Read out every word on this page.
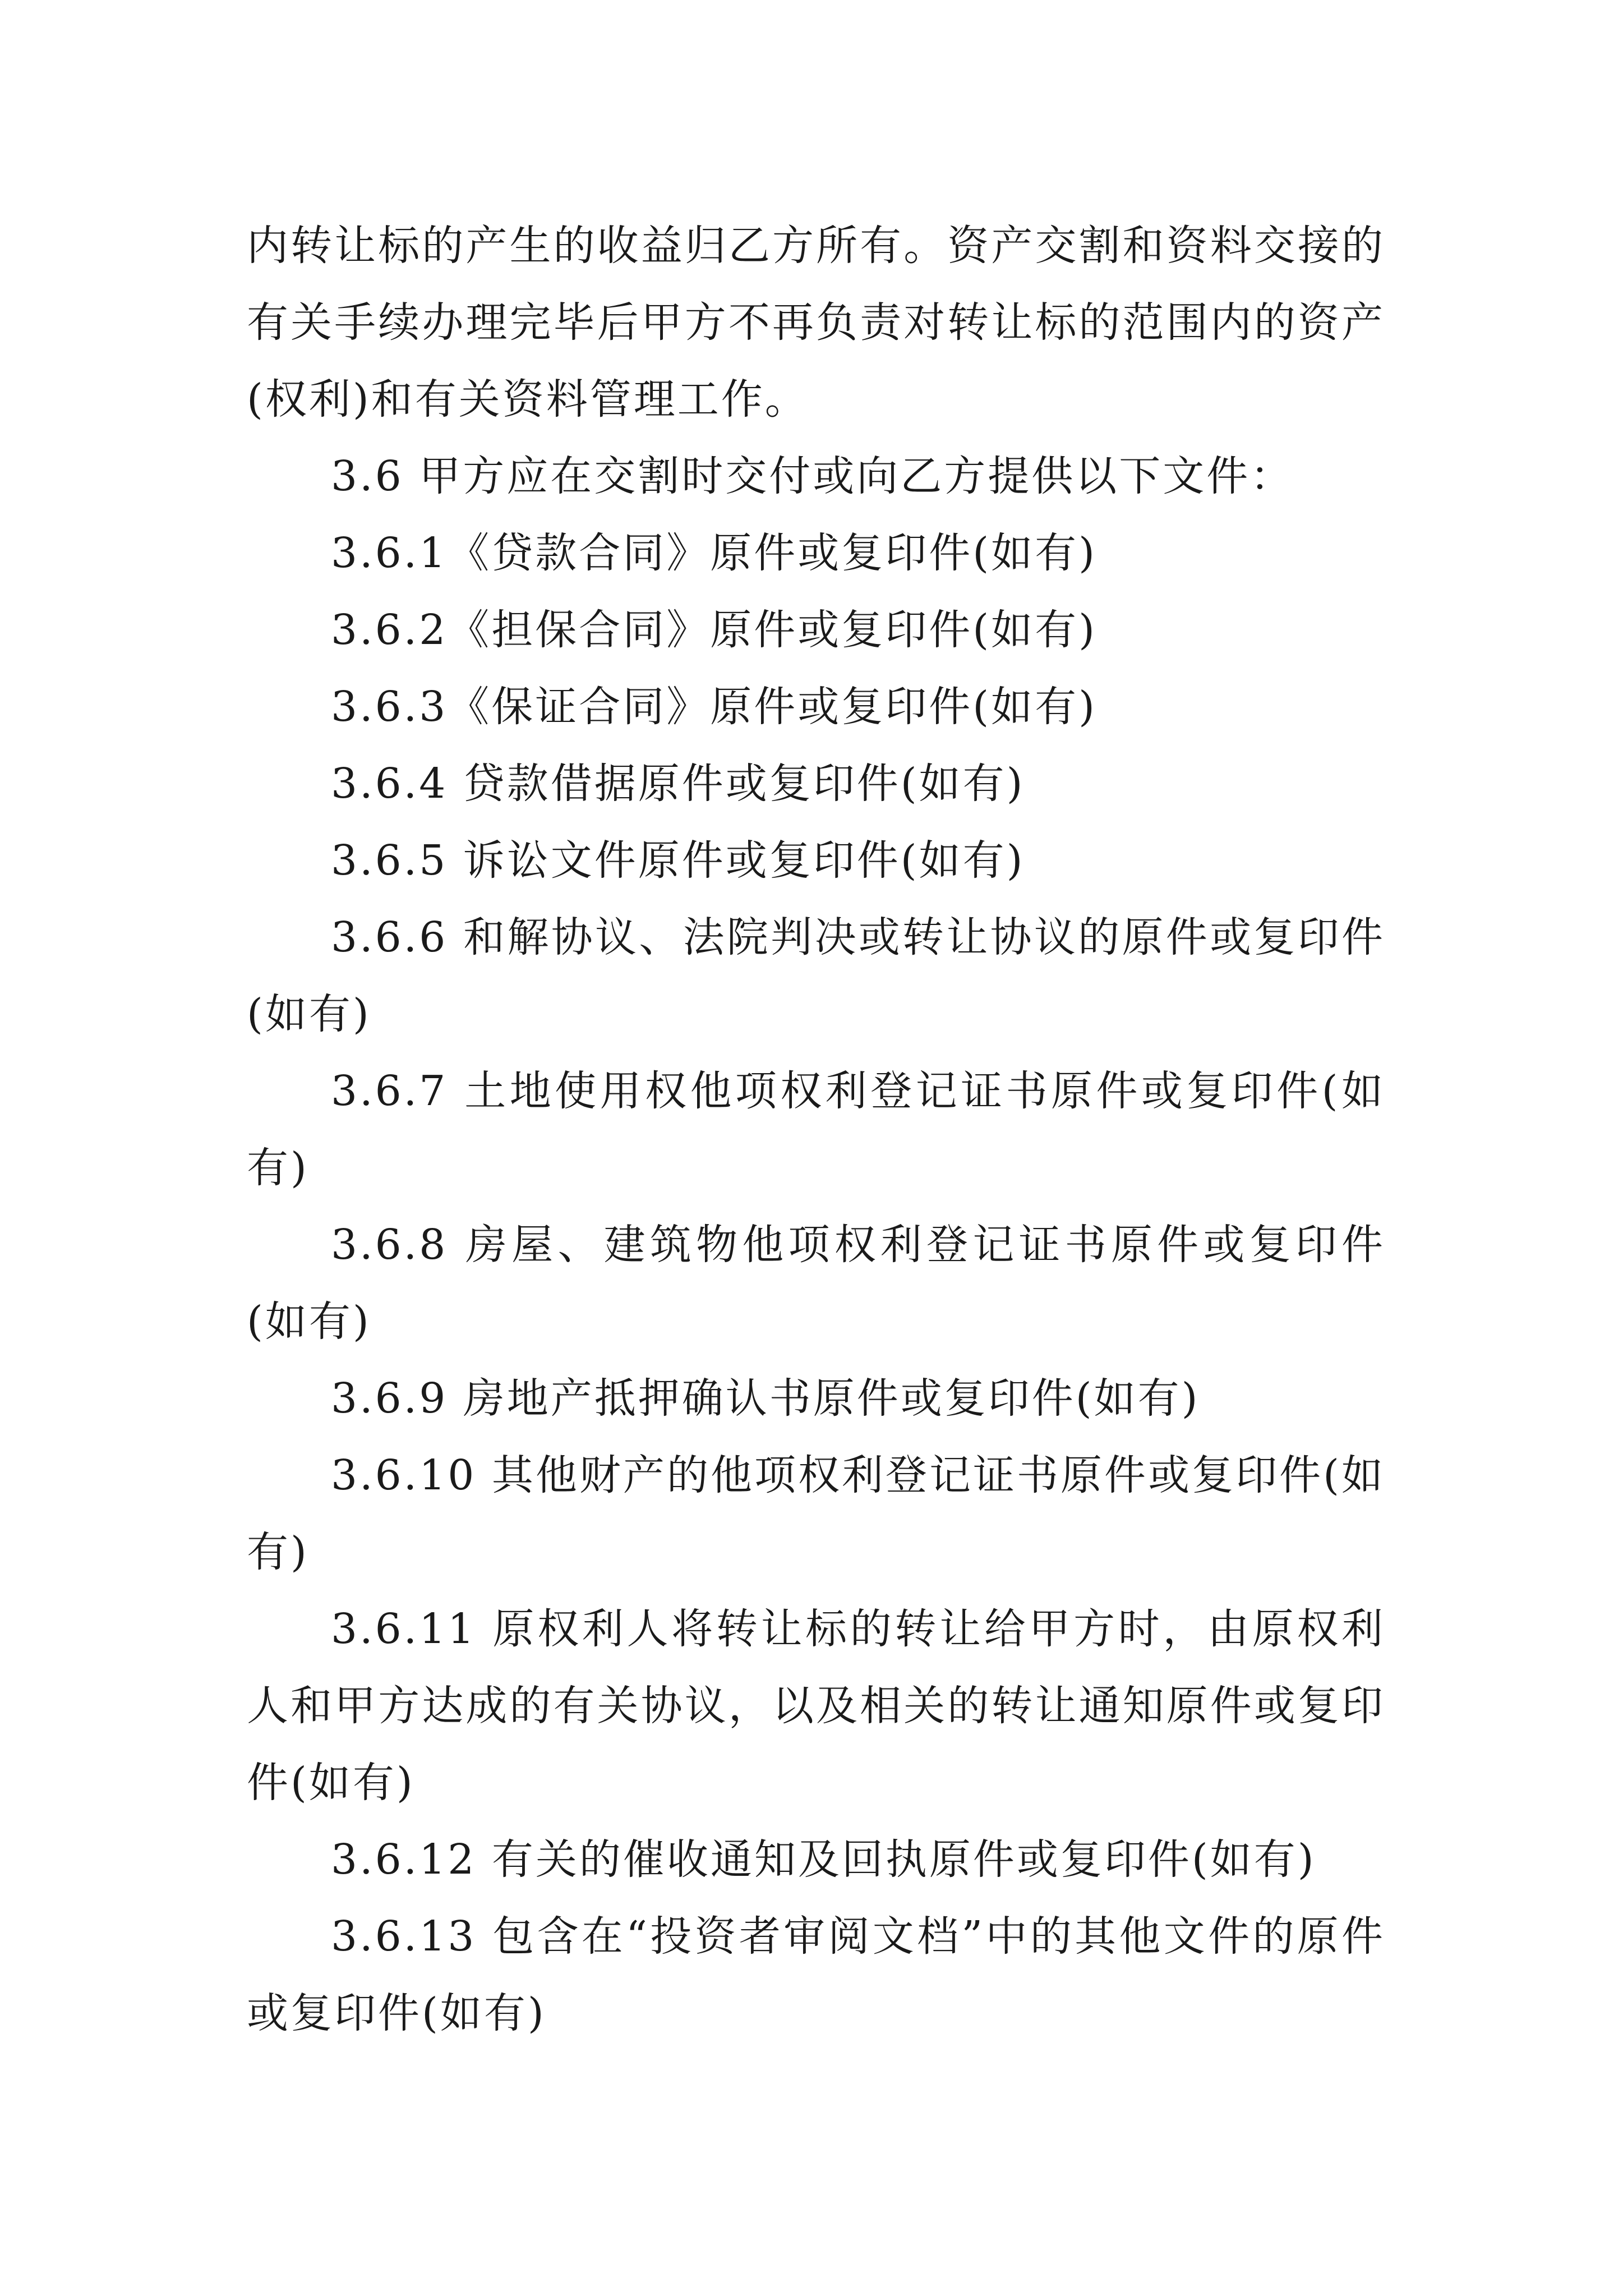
内转让标的产生的收益归乙方所有。资产交割和资料交接的有关手续办理完毕后甲方不再负责对转让标的范围内的资产(权利)和有关资料管理工作。

3.6 甲方应在交割时交付或向乙方提供以下文件：

3.6.1《贷款合同》原件或复印件(如有)

3.6.2《担保合同》原件或复印件(如有)

3.6.3《保证合同》原件或复印件(如有)

3.6.4 贷款借据原件或复印件(如有)

3.6.5 诉讼文件原件或复印件(如有)

3.6.6 和解协议、法院判决或转让协议的原件或复印件(如有)

3.6.7 土地使用权他项权利登记证书原件或复印件(如有)

3.6.8 房屋、建筑物他项权利登记证书原件或复印件(如有)

3.6.9 房地产抵押确认书原件或复印件(如有)

3.6.10 其他财产的他项权利登记证书原件或复印件(如有)

3.6.11 原权利人将转让标的转让给甲方时，由原权利人和甲方达成的有关协议，以及相关的转让通知原件或复印件(如有)

3.6.12 有关的催收通知及回执原件或复印件(如有)

3.6.13 包含在“投资者审阅文档”中的其他文件的原件或复印件(如有)
